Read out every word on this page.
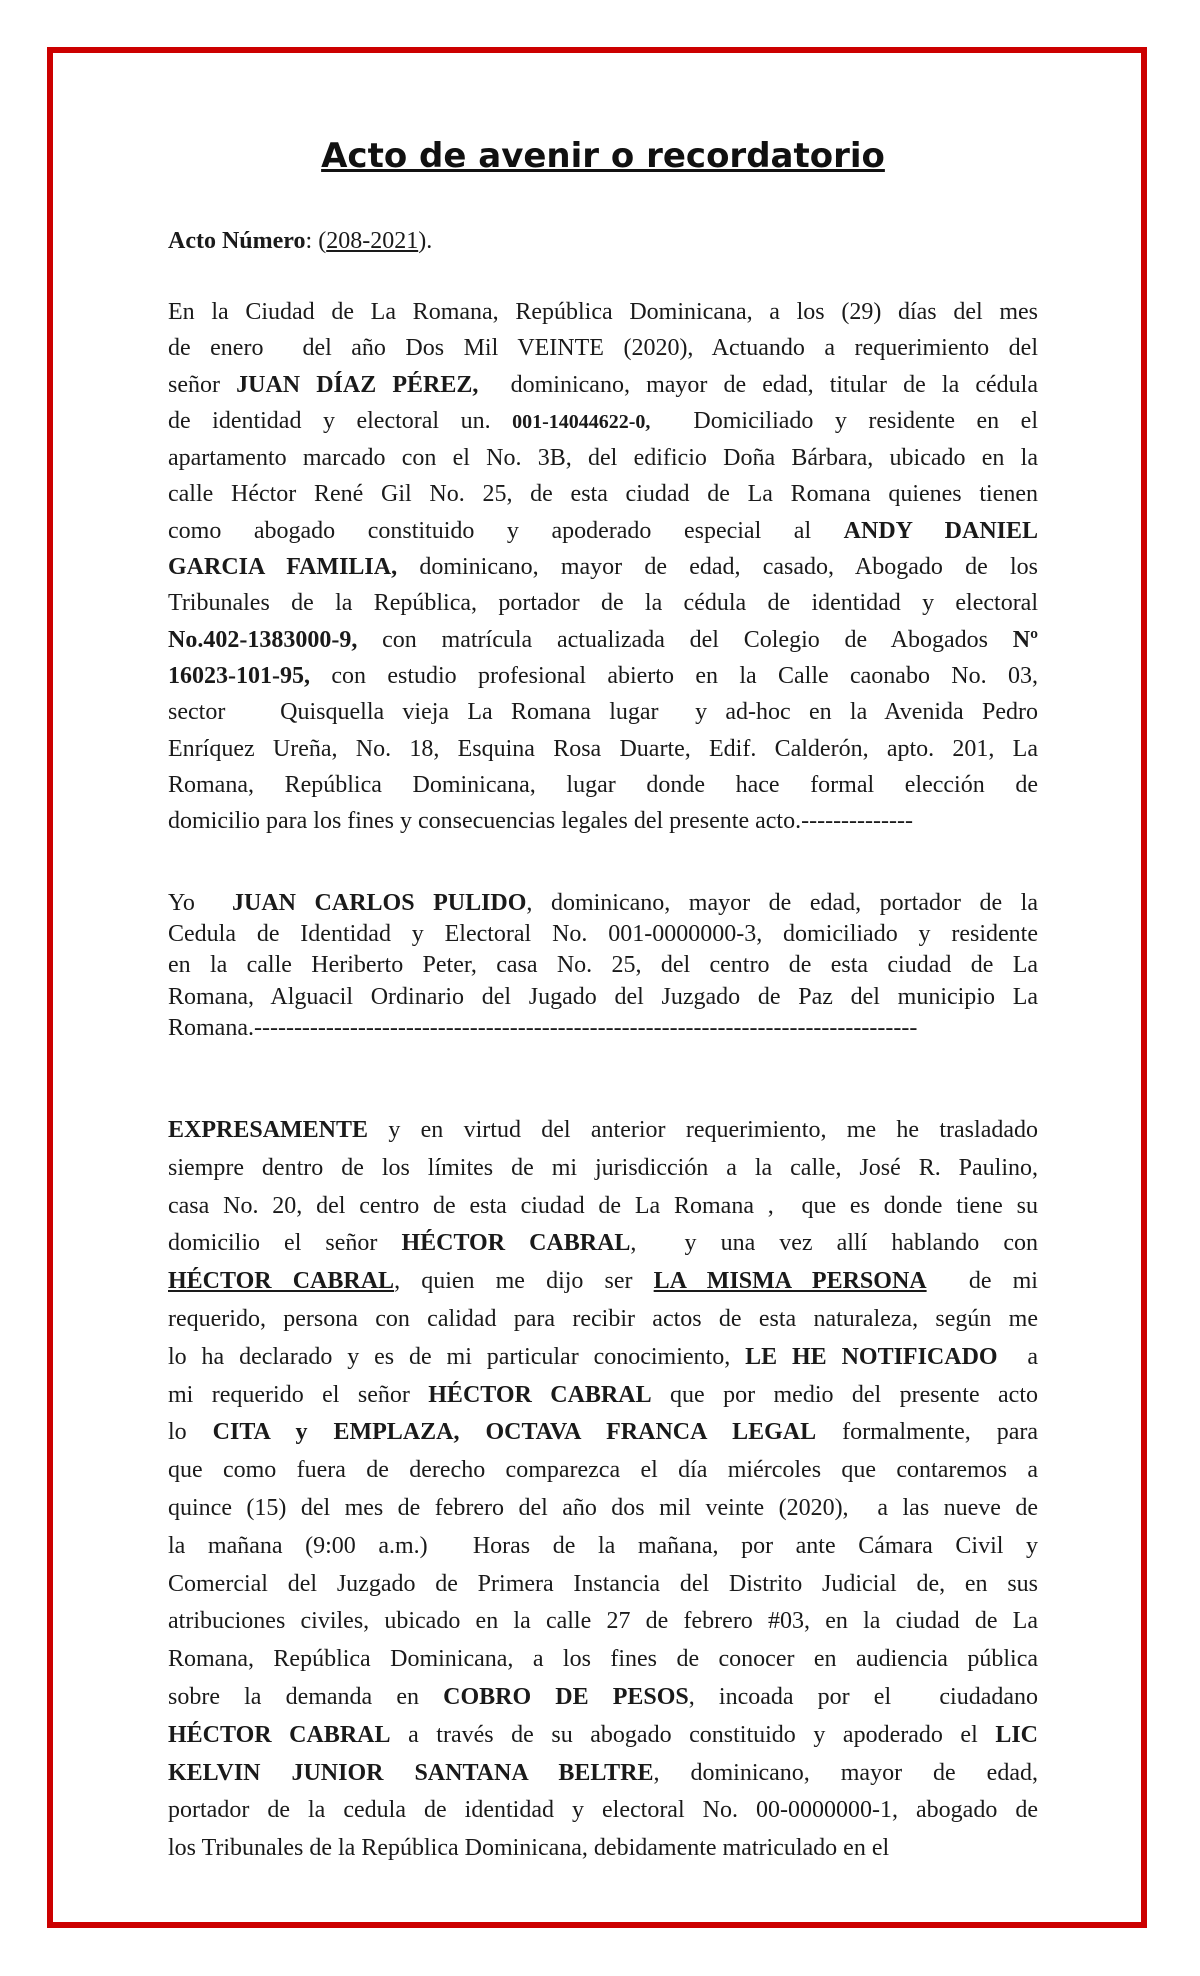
Acto de avenir o recordatorio
Acto Número: (208-2021).
En la Ciudad de La Romana, República Dominicana, a los (29) días del mes
de enero  del año Dos Mil VEINTE (2020), Actuando a requerimiento del
señor JUAN DÍAZ PÉREZ,  dominicano, mayor de edad, titular de la cédula
de identidad y electoral un. 001-14044622-0,  Domiciliado y residente en el
apartamento marcado con el No. 3B, del edificio Doña Bárbara, ubicado en la
calle Héctor René Gil No. 25, de esta ciudad de La Romana quienes tienen
como abogado constituido y apoderado especial al ANDY DANIEL
GARCIA FAMILIA, dominicano, mayor de edad, casado, Abogado de los
Tribunales de la República, portador de la cédula de identidad y electoral
No.402-1383000-9, con matrícula actualizada del Colegio de Abogados Nº
16023-101-95, con estudio profesional abierto en la Calle caonabo No. 03,
sector   Quisquella vieja La Romana lugar  y ad-hoc en la Avenida Pedro
Enríquez Ureña, No. 18, Esquina Rosa Duarte, Edif. Calderón, apto. 201, La
Romana, República Dominicana, lugar donde hace formal elección de
domicilio para los fines y consecuencias legales del presente acto.--------------
Yo  JUAN CARLOS PULIDO, dominicano, mayor de edad, portador de la
Cedula de Identidad y Electoral No. 001-0000000-3, domiciliado y residente
en la calle Heriberto Peter, casa No. 25, del centro de esta ciudad de La
Romana, Alguacil Ordinario del Jugado del Juzgado de Paz del municipio La
Romana.-----------------------------------------------------------------------------------
EXPRESAMENTE y en virtud del anterior requerimiento, me he trasladado
siempre dentro de los límites de mi jurisdicción a la calle, José R. Paulino,
casa No. 20, del centro de esta ciudad de La Romana ,  que es donde tiene su
domicilio el señor HÉCTOR CABRAL,  y una vez allí hablando con
HÉCTOR CABRAL, quien me dijo ser LA MISMA PERSONA  de mi
requerido, persona con calidad para recibir actos de esta naturaleza, según me
lo ha declarado y es de mi particular conocimiento, LE HE NOTIFICADO  a
mi requerido el señor HÉCTOR CABRAL que por medio del presente acto
lo CITA y EMPLAZA, OCTAVA FRANCA LEGAL formalmente, para
que como fuera de derecho comparezca el día miércoles que contaremos a
quince (15) del mes de febrero del año dos mil veinte (2020),  a las nueve de
la mañana (9:00 a.m.)  Horas de la mañana, por ante Cámara Civil y
Comercial del Juzgado de Primera Instancia del Distrito Judicial de, en sus
atribuciones civiles, ubicado en la calle 27 de febrero #03, en la ciudad de La
Romana, República Dominicana, a los fines de conocer en audiencia pública
sobre la demanda en COBRO DE PESOS, incoada por el  ciudadano
HÉCTOR CABRAL a través de su abogado constituido y apoderado el LIC
KELVIN JUNIOR SANTANA BELTRE, dominicano, mayor de edad,
portador de la cedula de identidad y electoral No. 00-0000000-1, abogado de
los Tribunales de la República Dominicana, debidamente matriculado en el
